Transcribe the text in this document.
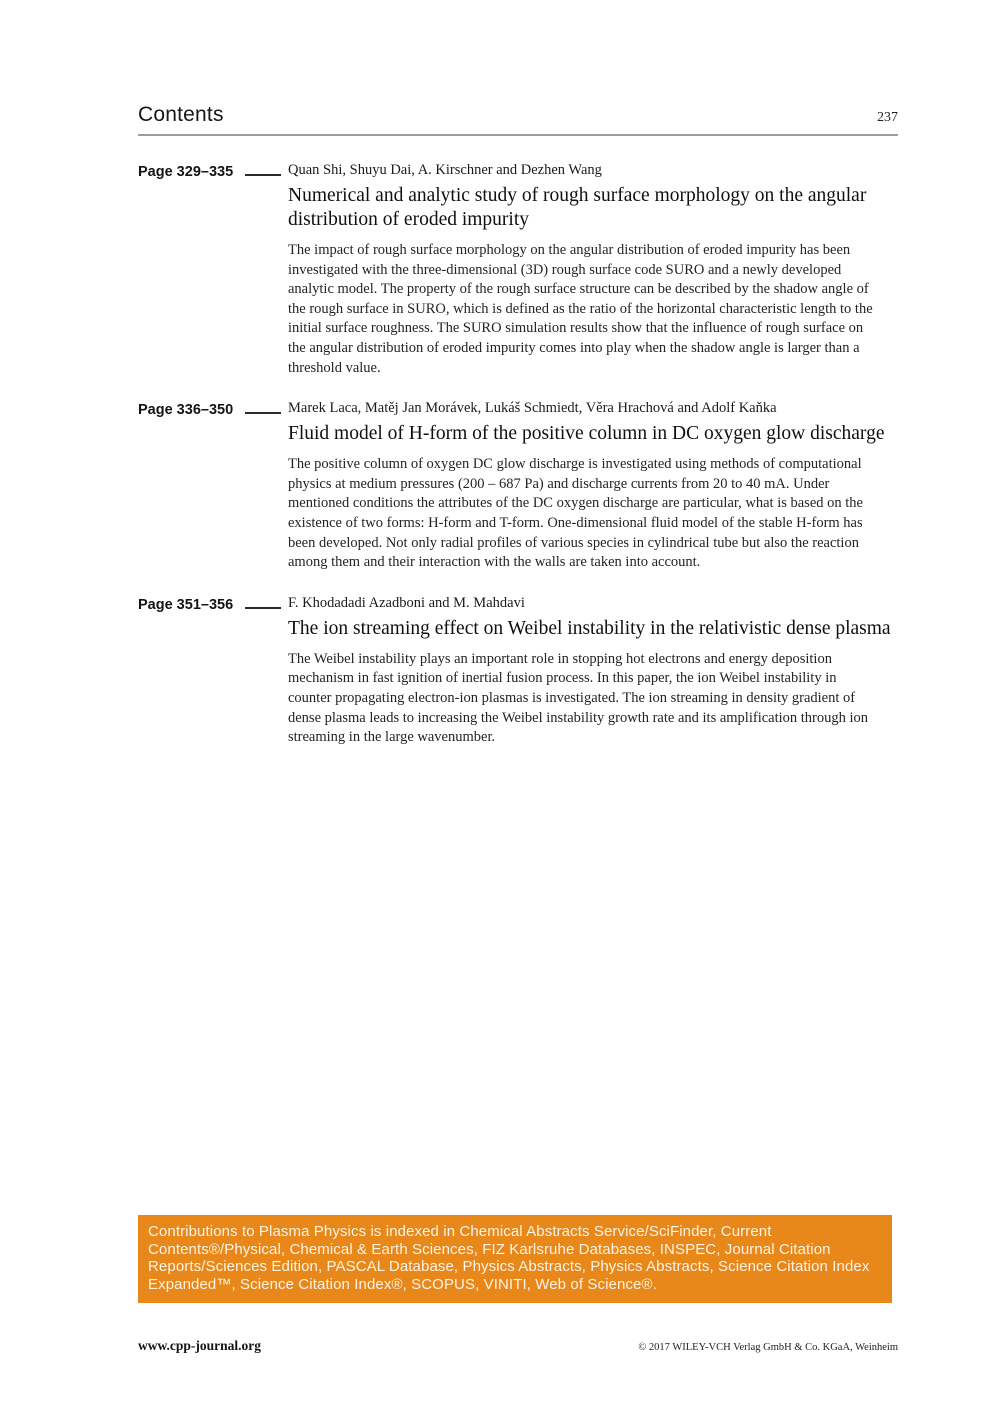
Contents	237
Page 329–335	Quan Shi, Shuyu Dai, A. Kirschner and Dezhen Wang
Numerical and analytic study of rough surface morphology on the angular distribution of eroded impurity
The impact of rough surface morphology on the angular distribution of eroded impurity has been investigated with the three-dimensional (3D) rough surface code SURO and a newly developed analytic model. The property of the rough surface structure can be described by the shadow angle of the rough surface in SURO, which is defined as the ratio of the horizontal characteristic length to the initial surface roughness. The SURO simulation results show that the influence of rough surface on the angular distribution of eroded impurity comes into play when the shadow angle is larger than a threshold value.
Page 336–350	Marek Laca, Matěj Jan Morávek, Lukáš Schmiedt, Věra Hrachová and Adolf Kaňka
Fluid model of H-form of the positive column in DC oxygen glow discharge
The positive column of oxygen DC glow discharge is investigated using methods of computational physics at medium pressures (200 – 687 Pa) and discharge currents from 20 to 40 mA. Under mentioned conditions the attributes of the DC oxygen discharge are particular, what is based on the existence of two forms: H-form and T-form. One-dimensional fluid model of the stable H-form has been developed. Not only radial profiles of various species in cylindrical tube but also the reaction among them and their interaction with the walls are taken into account.
Page 351–356	F. Khodadadi Azadboni and M. Mahdavi
The ion streaming effect on Weibel instability in the relativistic dense plasma
The Weibel instability plays an important role in stopping hot electrons and energy deposition mechanism in fast ignition of inertial fusion process. In this paper, the ion Weibel instability in counter propagating electron-ion plasmas is investigated. The ion streaming in density gradient of dense plasma leads to increasing the Weibel instability growth rate and its amplification through ion streaming in the large wavenumber.
Contributions to Plasma Physics is indexed in Chemical Abstracts Service/SciFinder, Current Contents®/Physical, Chemical & Earth Sciences, FIZ Karlsruhe Databases, INSPEC, Journal Citation Reports/Sciences Edition, PASCAL Database, Physics Abstracts, Physics Abstracts, Science Citation Index Expanded™, Science Citation Index®, SCOPUS, VINITI, Web of Science®.
www.cpp-journal.org	© 2017 WILEY-VCH Verlag GmbH & Co. KGaA, Weinheim
